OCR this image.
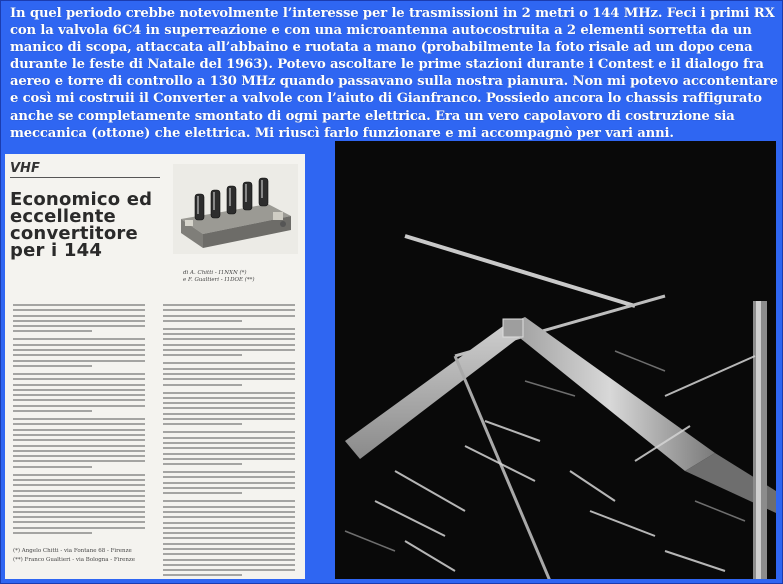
In quel periodo crebbe notevolmente l’interesse per le trasmissioni in 2 metri o 144 MHz. Feci i primi RX con la valvola 6C4 in superreazione e con una microantenna autocostruita a 2 elementi sorretta da un manico di scopa, attaccata all’abbaino e ruotata a mano (probabilmente la foto risale ad un dopo cena durante le feste di Natale del 1963). Potevo ascoltare le prime stazioni durante i Contest e il dialogo fra aereo e torre di controllo a 130 MHz quando passavano sulla nostra pianura. Non mi potevo accontentare e così mi costruii il Converter a valvole con l’aiuto di Gianfranco. Possiedo ancora lo chassis raffigurato anche se completamente smontato di ogni parte elettrica. Era un vero capolavoro di costruzione sia meccanica (ottone) che elettrica. Mi riuscì farlo funzionare e mi accompagnò per vari anni.
VHF
Economico ed eccellente convertitore per i 144
di A. Chitti - I1NXN (*)
e F. Gualtieri - I1DOE (**)
(*) Angelo Chitti - via Fontane 68 - Firenze
(**) Franco Gualtieri - via Bologna - Firenze
